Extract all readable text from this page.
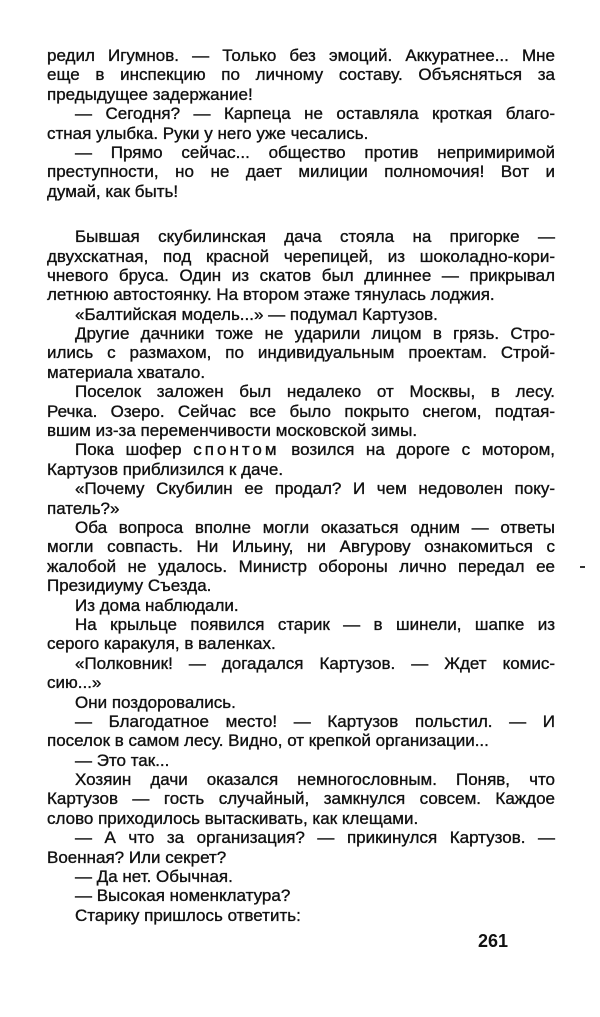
редил Игумнов. — Только без эмоций. Аккуратнее... Мне
еще в инспекцию по личному составу. Объясняться за
предыдущее задержание!
— Сегодня? — Карпеца не оставляла кроткая благо-
стная улыбка. Руки у него уже чесались.
— Прямо сейчас... общество против непримиримой
преступности, но не дает милиции полномочия! Вот и
думай, как быть!
Бывшая скубилинская дача стояла на пригорке —
двухскатная, под красной черепицей, из шоколадно-кори-
чневого бруса. Один из скатов был длиннее — прикрывал
летнюю автостоянку. На втором этаже тянулась лоджия.
«Балтийская модель...» — подумал Картузов.
Другие дачники тоже не ударили лицом в грязь. Стро-
ились с размахом, по индивидуальным проектам. Строй-
материала хватало.
Поселок заложен был недалеко от Москвы, в лесу.
Речка. Озеро. Сейчас все было покрыто снегом, подтая-
вшим из-за переменчивости московской зимы.
Пока шофер спонтом возился на дороге с мотором,
Картузов приблизился к даче.
«Почему Скубилин ее продал? И чем недоволен поку-
патель?»
Оба вопроса вполне могли оказаться одним — ответы
могли совпасть. Ни Ильину, ни Авгурову ознакомиться с
жалобой не удалось. Министр обороны лично передал ее
Президиуму Съезда.
Из дома наблюдали.
На крыльце появился старик — в шинели, шапке из
серого каракуля, в валенках.
«Полковник! — догадался Картузов. — Ждет комис-
сию...»
Они поздоровались.
— Благодатное место! — Картузов польстил. — И
поселок в самом лесу. Видно, от крепкой организации...
— Это так...
Хозяин дачи оказался немногословным. Поняв, что
Картузов — гость случайный, замкнулся совсем. Каждое
слово приходилось вытаскивать, как клещами.
— А что за организация? — прикинулся Картузов. —
Военная? Или секрет?
— Да нет. Обычная.
— Высокая номенклатура?
Старику пришлось ответить:
261
